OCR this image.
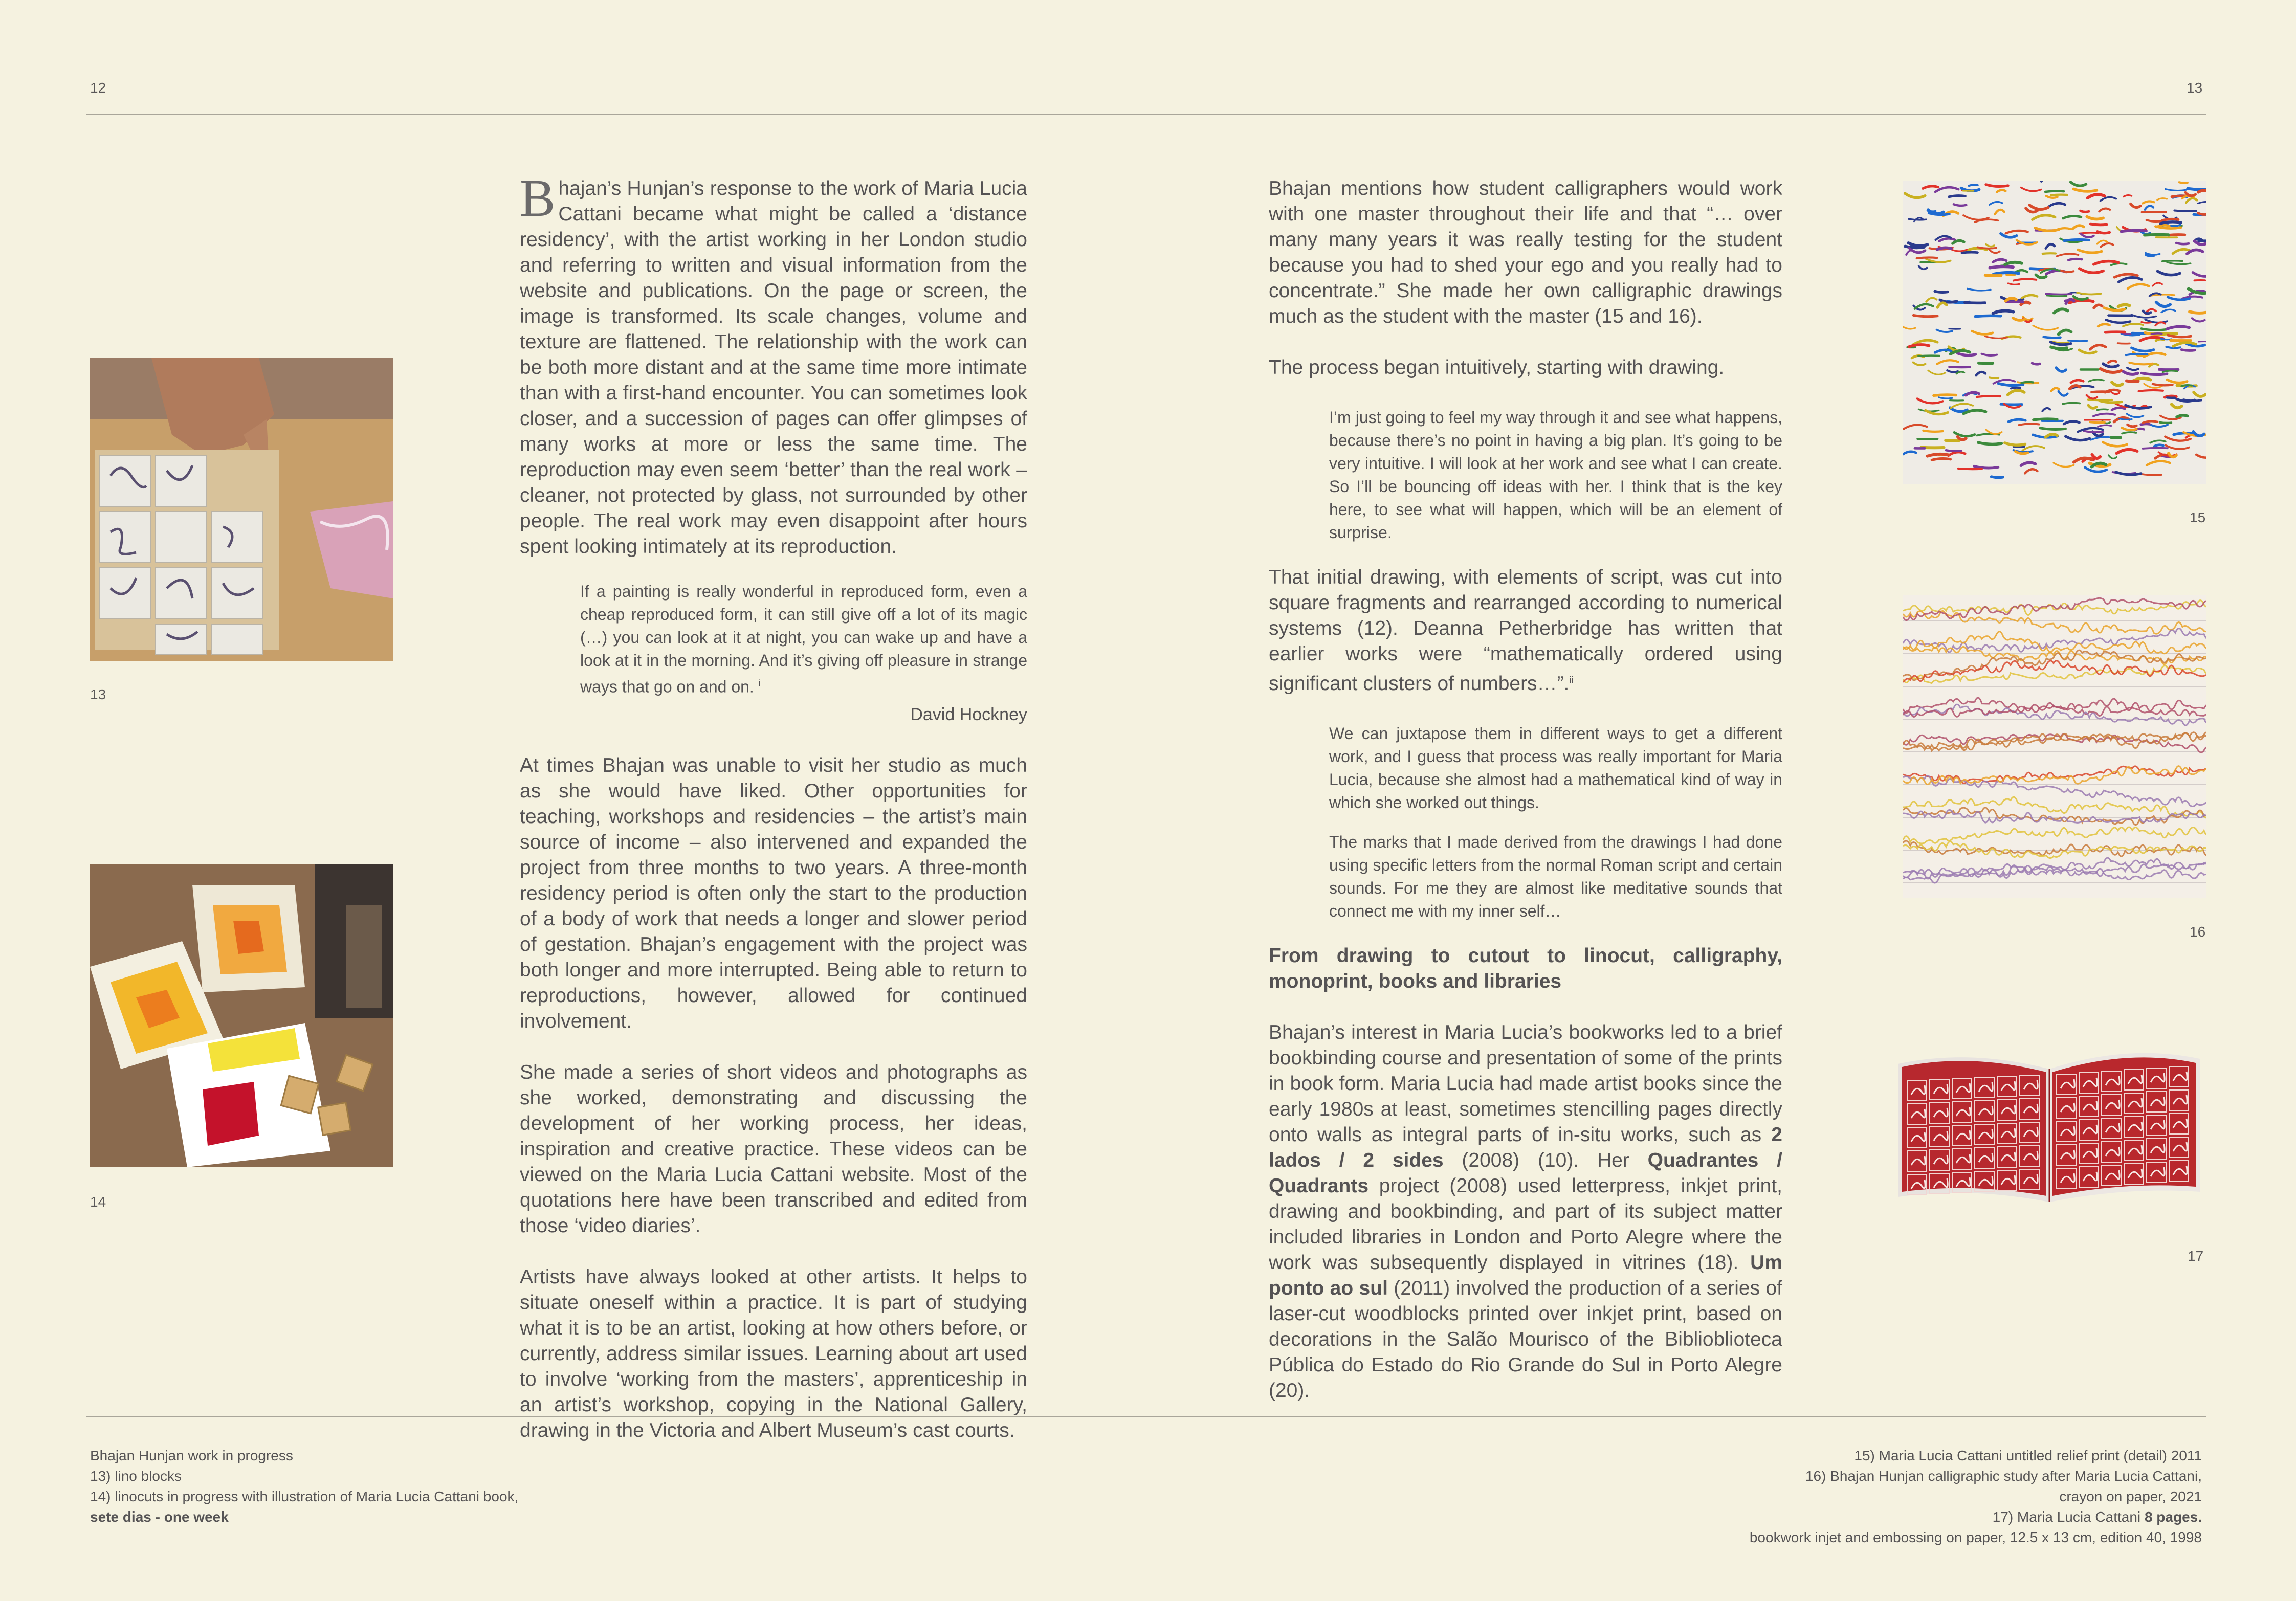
12	13
13
14

Bhajan’s Hunjan’s response to the work of Maria Lucia Cattani became what might be called a ‘distance residency’, with the artist working in her London studio and referring to written and visual information from the website and publications. On the page or screen, the image is transformed. Its scale changes, volume and texture are flattened. The relationship with the work can be both more distant and at the same time more intimate than with a first-hand encounter. You can sometimes look closer, and a succession of pages can offer glimpses of many works at more or less the same time. The reproduction may even seem ‘better’ than the real work – cleaner, not protected by glass, not surrounded by other people. The real work may even disappoint after hours spent looking intimately at its reproduction.

If a painting is really wonderful in reproduced form, even a cheap reproduced form, it can still give off a lot of its magic (…) you can look at it at night, you can wake up and have a look at it in the morning. And it’s giving off pleasure in strange ways that go on and on. $^i$

David Hockney

At times Bhajan was unable to visit her studio as much as she would have liked. Other opportunities for teaching, workshops and residencies – the artist’s main source of income – also intervened and expanded the project from three months to two years. A three-month residency period is often only the start to the production of a body of work that needs a longer and slower period of gestation. Bhajan’s engagement with the project was both longer and more interrupted. Being able to return to reproductions, however, allowed for continued involvement.

She made a series of short videos and photographs as she worked, demonstrating and discussing the development of her working process, her ideas, inspiration and creative practice. These videos can be viewed on the Maria Lucia Cattani website. Most of the quotations here have been transcribed and edited from those ‘video diaries’.

Artists have always looked at other artists. It helps to situate oneself within a practice. It is part of studying what it is to be an artist, looking at how others before, or currently, address similar issues. Learning about art used to involve ‘working from the masters’, apprenticeship in an artist’s workshop, copying in the National Gallery, drawing in the Victoria and Albert Museum’s cast courts.

Bhajan mentions how student calligraphers would work with one master throughout their life and that “… over many many years it was really testing for the student because you had to shed your ego and you really had to concentrate.” She made her own calligraphic drawings much as the student with the master (15 and 16).

The process began intuitively, starting with drawing.

I’m just going to feel my way through it and see what happens, because there’s no point in having a big plan. It’s going to be very intuitive. I will look at her work and see what I can create. So I’ll be bouncing off ideas with her. I think that is the key here, to see what will happen, which will be an element of surprise.

That initial drawing, with elements of script, was cut into square fragments and rearranged according to numerical systems (12). Deanna Petherbridge has written that earlier works were “mathematically ordered using significant clusters of numbers…”.$^{ii}$

We can juxtapose them in different ways to get a different work, and I guess that process was really important for Maria Lucia, because she almost had a mathematical kind of way in which she worked out things.

The marks that I made derived from the drawings I had done using specific letters from the normal Roman script and certain sounds. For me they are almost like meditative sounds that connect me with my inner self…

From drawing to cutout to linocut, calligraphy, monoprint, books and libraries

Bhajan’s interest in Maria Lucia’s bookworks led to a brief bookbinding course and presentation of some of the prints in book form. Maria Lucia had made artist books since the early 1980s at least, sometimes stencilling pages directly onto walls as integral parts of in-situ works, such as 2 lados / 2 sides (2008) (10). Her Quadrantes / Quadrants project (2008) used letterpress, inkjet print, drawing and bookbinding, and part of its subject matter included libraries in London and Porto Alegre where the work was subsequently displayed in vitrines (18). Um ponto ao sul (2011) involved the production of a series of laser-cut woodblocks printed over inkjet print, based on decorations in the Salão Mourisco of the Biblioblioteca Pública do Estado do Rio Grande do Sul in Porto Alegre (20).

15
16
17
Bhajan Hunjan work in progress
13) lino blocks
14) linocuts in progress with illustration of Maria Lucia Cattani book,
sete dias - one week
15) Maria Lucia Cattani untitled relief print (detail) 2011
16) Bhajan Hunjan calligraphic study after Maria Lucia Cattani,
crayon on paper, 2021
17) Maria Lucia Cattani 8 pages.
bookwork injet and embossing on paper, 12.5 x 13 cm, edition 40, 1998
